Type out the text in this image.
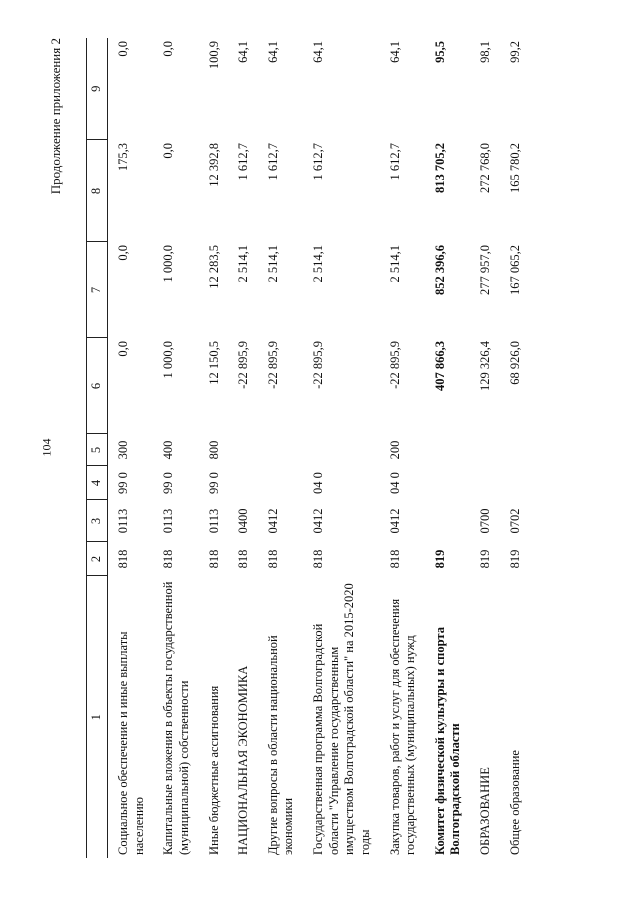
104
Продолжение приложения 2
1	2	3	4	5	6	7	8	9
Социальное обеспечение и иные выплаты населению	818	0113	99 0	300	0,0	0,0	175,3	0,0
Капитальные вложения в объекты государственной (муниципальной) собственности	818	0113	99 0	400	1 000,0	1 000,0	0,0	0,0
Иные бюджетные ассигнования	818	0113	99 0	800	12 150,5	12 283,5	12 392,8	100,9
НАЦИОНАЛЬНАЯ ЭКОНОМИКА	818	0400			-22 895,9	2 514,1	1 612,7	64,1
Другие вопросы в области национальной экономики	818	0412			-22 895,9	2 514,1	1 612,7	64,1
Государственная программа Волгоградской области "Управление государственным имуществом Волгоградской области" на 2015-2020 годы	818	0412	04 0		-22 895,9	2 514,1	1 612,7	64,1
Закупка товаров, работ и услуг для обеспечения государственных (муниципальных) нужд	818	0412	04 0	200	-22 895,9	2 514,1	1 612,7	64,1
Комитет физической культуры и спорта Волгоградской области	819				407 866,3	852 396,6	813 705,2	95,5
ОБРАЗОВАНИЕ	819	0700			129 326,4	277 957,0	272 768,0	98,1
Общее образование	819	0702			68 926,0	167 065,2	165 780,2	99,2
